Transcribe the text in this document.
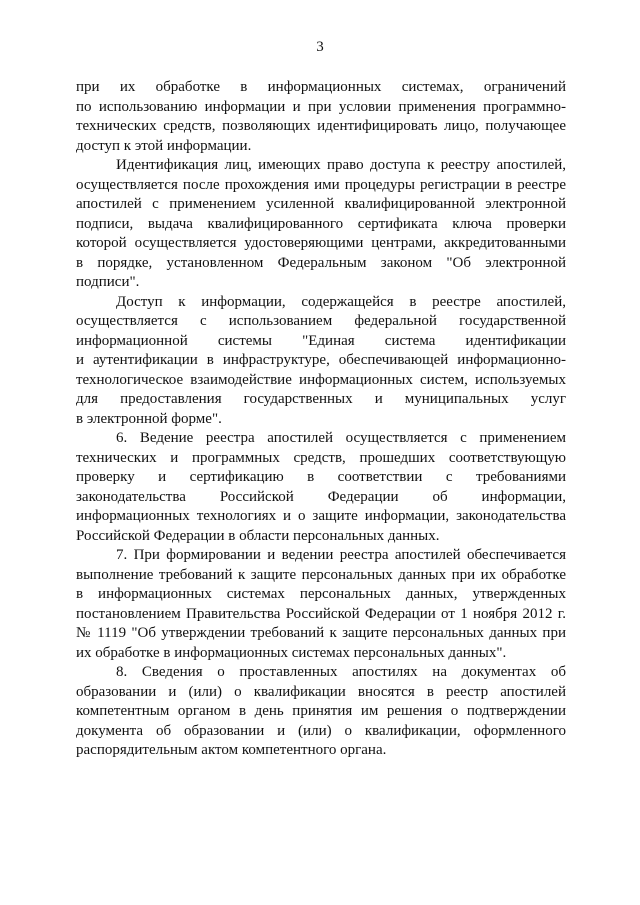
3

при их обработке в информационных системах, ограничений
по использованию информации и при условии применения программно-
технических средств, позволяющих идентифицировать лицо, получающее
доступ к этой информации.

Идентификация лиц, имеющих право доступа к реестру апостилей,
осуществляется после прохождения ими процедуры регистрации в реестре
апостилей с применением усиленной квалифицированной электронной
подписи, выдача квалифицированного сертификата ключа проверки
которой осуществляется удостоверяющими центрами, аккредитованными
в порядке, установленном Федеральным законом "Об электронной
подписи".

Доступ к информации, содержащейся в реестре апостилей,
осуществляется с использованием федеральной государственной
информационной системы "Единая система идентификации
и аутентификации в инфраструктуре, обеспечивающей информационно-
технологическое взаимодействие информационных систем, используемых
для предоставления государственных и муниципальных услуг
в электронной форме".

6. Ведение реестра апостилей осуществляется с применением
технических и программных средств, прошедших соответствующую
проверку и сертификацию в соответствии с требованиями
законодательства Российской Федерации об информации,
информационных технологиях и о защите информации, законодательства
Российской Федерации в области персональных данных.

7. При формировании и ведении реестра апостилей обеспечивается
выполнение требований к защите персональных данных при их обработке
в информационных системах персональных данных, утвержденных
постановлением Правительства Российской Федерации от 1 ноября 2012 г.
№ 1119 "Об утверждении требований к защите персональных данных при
их обработке в информационных системах персональных данных".

8. Сведения о проставленных апостилях на документах об
образовании и (или) о квалификации вносятся в реестр апостилей
компетентным органом в день принятия им решения о подтверждении
документа об образовании и (или) о квалификации, оформленного
распорядительным актом компетентного органа.
